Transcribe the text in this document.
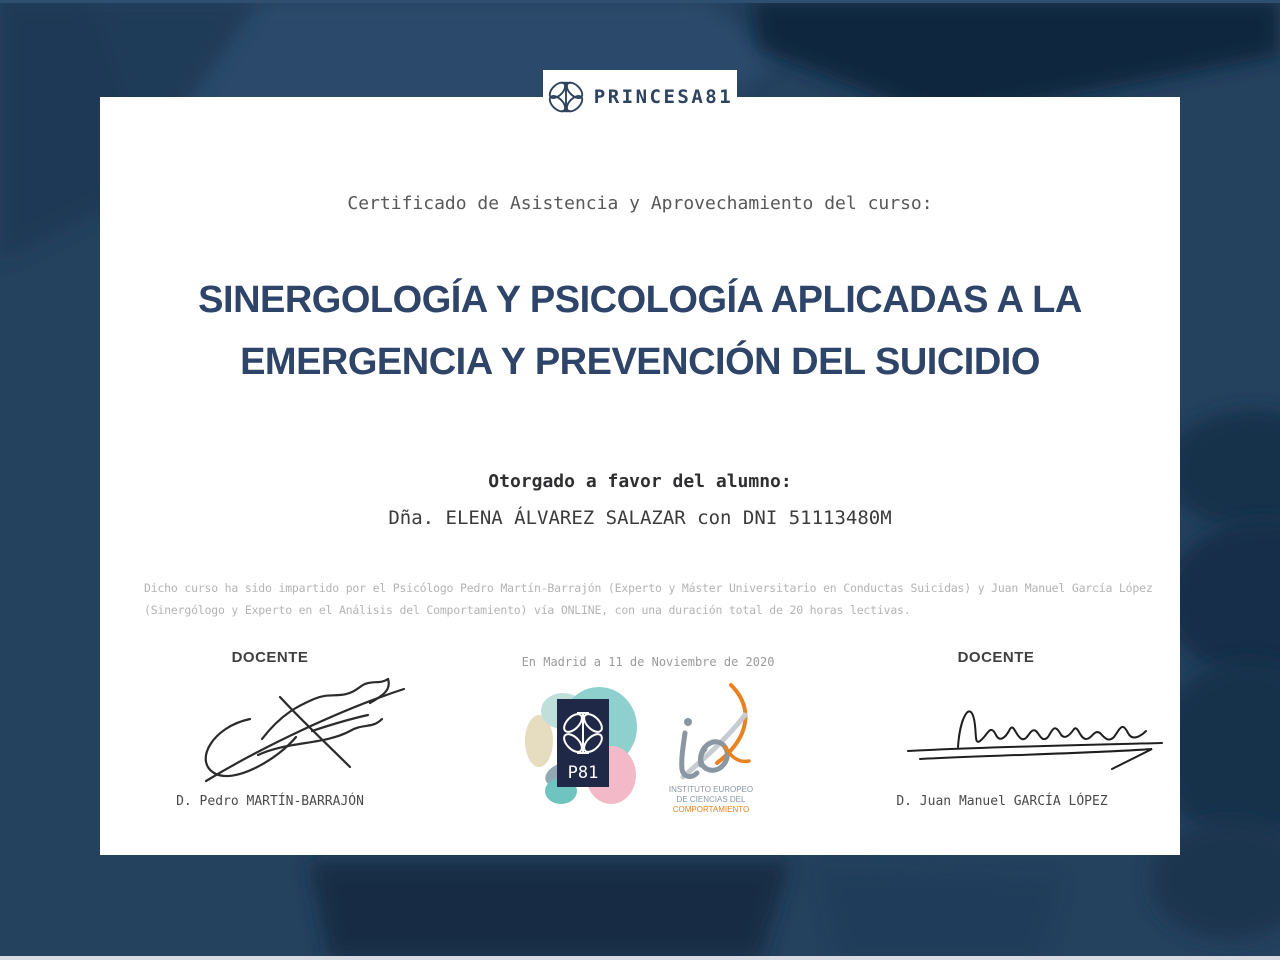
Certificado de Asistencia y Aprovechamiento del curso:
SINERGOLOGÍA Y PSICOLOGÍA APLICADAS A LA
EMERGENCIA Y PREVENCIÓN DEL SUICIDIO
Otorgado a favor del alumno:
Dña. ELENA ÁLVAREZ SALAZAR con DNI 51113480M
Dicho curso ha sido impartido por el Psicólogo Pedro Martín-Barrajón (Experto y Máster Universitario en Conductas Suicidas) y Juan Manuel García López
(Sinergólogo y Experto en el Análisis del Comportamiento) vía ONLINE, con una duración total de 20 horas lectivas.
DOCENTE	DOCENTE
En Madrid a 11 de Noviembre de 2020
P81
INSTITUTO EUROPEO
DE CIENCIAS DEL
COMPORTAMIENTO
D. Pedro MARTÍN-BARRAJÓN	D. Juan Manuel GARCÍA LÓPEZ
PRINCESA81
